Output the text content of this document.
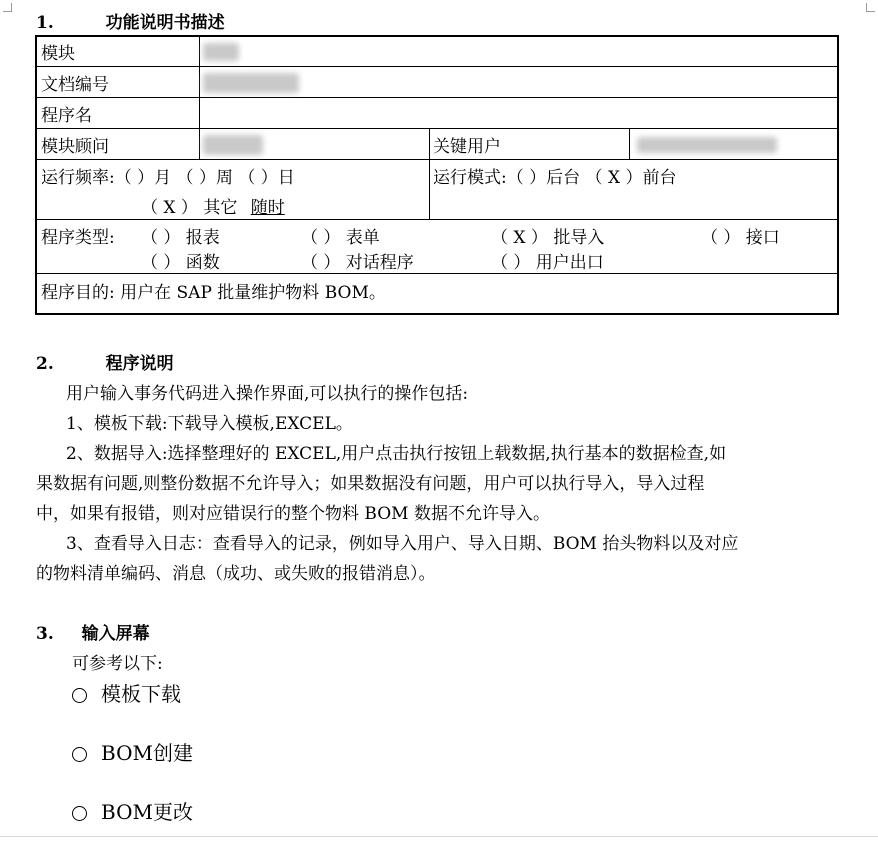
1.	功能说明书描述
模块
文档编号
程序名
模块顾问	关键用户
运行频率:（ ）月 （ ）周 （ ）日
（ X ） 其它 随时
运行模式:（ ）后台 （ X ）前台
程序类型: （ ） 报表	（ ） 表单	（ X ） 批导入	（ ） 接口
（ ） 函数	（ ） 对话程序	（ ） 用户出口
程序目的: 用户在 SAP 批量维护物料 BOM。
2.	程序说明
用户输入事务代码进入操作界面,可以执行的操作包括:
1、模板下载:下载导入模板,EXCEL。
2、数据导入:选择整理好的 EXCEL,用户点击执行按钮上载数据,执行基本的数据检查,如
果数据有问题,则整份数据不允许导入；如果数据没有问题，用户可以执行导入，导入过程
中，如果有报错，则对应错误行的整个物料 BOM 数据不允许导入。
3、查看导入日志：查看导入的记录，例如导入用户、导入日期、BOM 抬头物料以及对应
的物料清单编码、消息（成功、或失败的报错消息）。
3. 输入屏幕
可参考以下:
模板下载
BOM创建
BOM更改
